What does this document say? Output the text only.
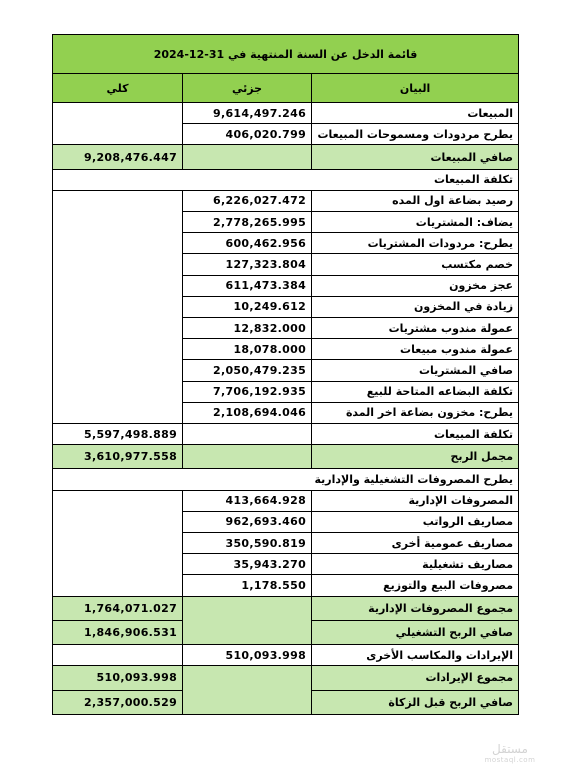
قائمة الدخل عن السنة المنتهية في 31-12-2024		
البيان	جزئي	كلي
المبيعات	9,614,497.246	
يطرح مردودات ومسموحات المبيعات	406,020.799	
صافي المبيعات		9,208,476.447
تكلفة المبيعات		
رصيد بضاعة اول المده	6,226,027.472	
يضاف: المشتريات	2,778,265.995	
يطرح: مردودات المشتريات	600,462.956	
خصم مكتسب	127,323.804	
عجز مخزون	611,473.384	
زيادة في المخزون	10,249.612	
عمولة مندوب مشتريات	12,832.000	
عمولة مندوب مبيعات	18,078.000	
صافي المشتريات	2,050,479.235	
تكلفة البضاعه المتاحة للبيع	7,706,192.935	
يطرح: مخزون بضاعة اخر المدة	2,108,694.046	
تكلفة المبيعات		5,597,498.889
مجمل الربح		3,610,977.558
يطرح المصروفات التشغيلية والإدارية		
المصروفات الإدارية	413,664.928	
مصاريف الرواتب	962,693.460	
مصاريف عمومية أخرى	350,590.819	
مصاريف تشغيلية	35,943.270	
مصروفات البيع والتوزيع	1,178.550	
مجموع المصروفات الإدارية		1,764,071.027
صافي الربح التشغيلي		1,846,906.531
الإيرادات والمكاسب الأخرى	510,093.998	
مجموع الإيرادات		510,093.998
صافي الربح قبل الزكاة		2,357,000.529
مستقل
mostaql.com
